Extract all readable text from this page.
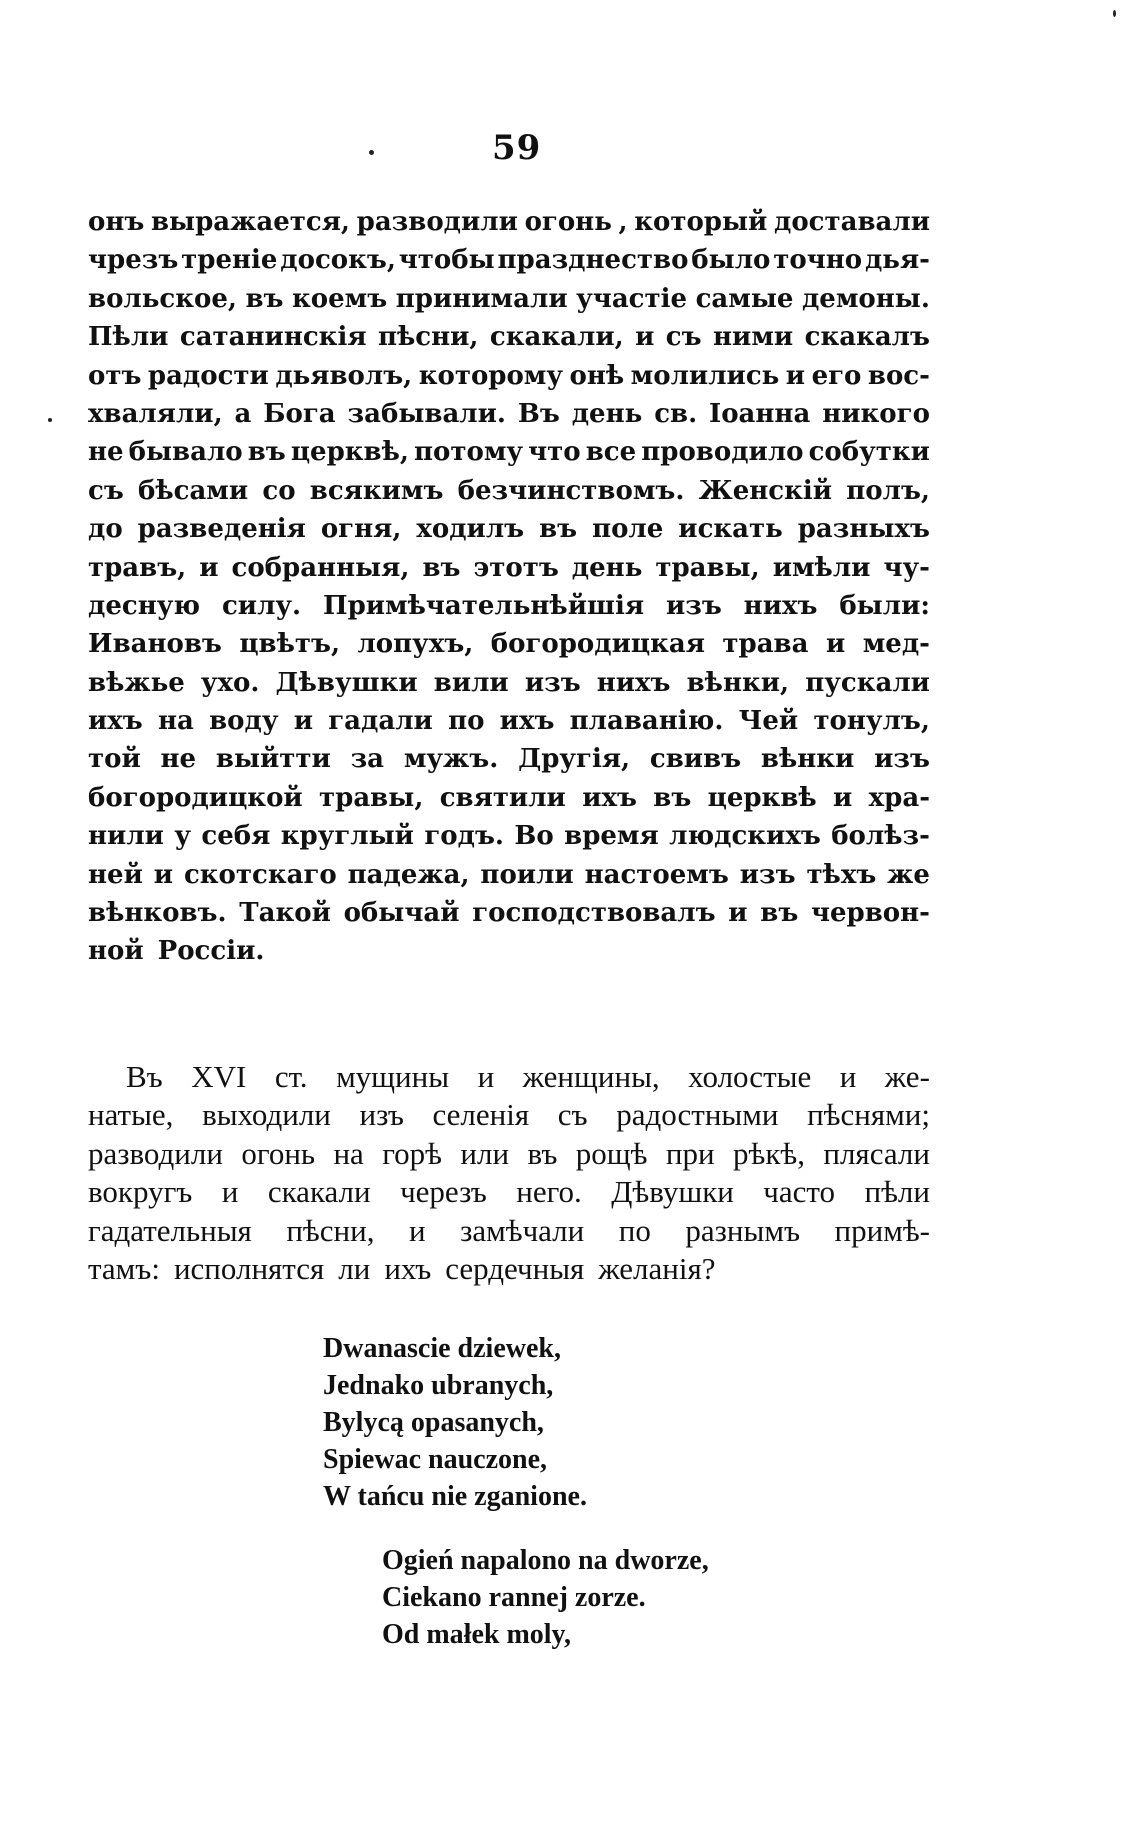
59
онъ выражается, разводили огонь , который доставали
чрезъ треніе досокъ, чтобы празднество было точно дья-
вольское, въ коемъ принимали участіе самые демоны.
Пѣли сатанинскія пѣсни, скакали, и съ ними скакалъ
отъ радости дьяволъ, которому онѣ молились и его вос-
хваляли, а Бога забывали. Въ день св. Іоанна никого
не бывало въ церквѣ, потому что все проводило собутки
съ бѣсами со всякимъ безчинствомъ. Женскій полъ,
до разведенія огня, ходилъ въ поле искать разныхъ
травъ, и собранныя, въ этотъ день травы, имѣли чу-
десную силу. Примѣчательнѣйшія изъ нихъ были:
Ивановъ цвѣтъ, лопухъ, богородицкая трава и мед-
вѣжье ухо. Дѣвушки вили изъ нихъ вѣнки, пускали
ихъ на воду и гадали по ихъ плаванію. Чей тонулъ,
той не выйтти за мужъ. Другія, свивъ вѣнки изъ
богородицкой травы, святили ихъ въ церквѣ и хра-
нили у себя круглый годъ. Во время людскихъ болѣз-
ней и скотскаго падежа, поили настоемъ изъ тѣхъ же
вѣнковъ. Такой обычай господствовалъ и въ червон-
ной Россіи.
Въ XVI ст. мущины и женщины, холостые и же-
натые, выходили изъ селенія съ радостными пѣснями;
разводили огонь на горѣ или въ рощѣ при рѣкѣ, плясали
вокругъ и скакали черезъ него. Дѣвушки часто пѣли
гадательныя пѣсни, и замѣчали по разнымъ примѣ-
тамъ: исполнятся ли ихъ сердечныя желанія?
Dwanascie dziewek,
Jednako ubranych,
Bylycą opasanych,
Spiewac nauczone,
W tańcu nie zganione.
Ogień napalono na dworze,
Ciekano rannej zorze.
Od małek moly,
